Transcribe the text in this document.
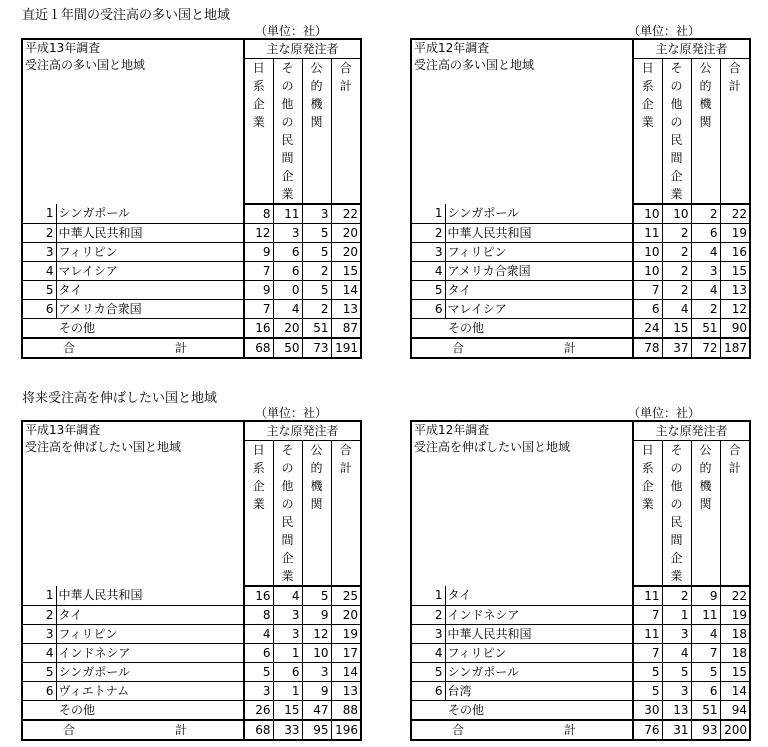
直近１年間の受注高の多い国と地域
将来受注高を伸ばしたい国と地域
（単位：社）
平成13年調査
受注高の多い国と地域		主な原発注者			
		日系企業	その他の民間企業	公的機関	合計
1	シンガポール	8	11	3	22
2	中華人民共和国	12	3	5	20
3	フィリピン	9	6	5	20
4	マレイシア	7	6	2	15
5	タイ	9	0	5	14
6	アメリカ合衆国	7	4	2	13
その他		16	20	51	87
合 計		68	50	73	191
（単位：社）
平成12年調査
受注高の多い国と地域		主な原発注者			
		日系企業	その他の民間企業	公的機関	合計
1	シンガポール	10	10	2	22
2	中華人民共和国	11	2	6	19
3	フィリピン	10	2	4	16
4	アメリカ合衆国	10	2	3	15
5	タイ	7	2	4	13
6	マレイシア	6	4	2	12
その他		24	15	51	90
合 計		78	37	72	187
（単位：社）
平成13年調査
受注高を伸ばしたい国と地域		主な原発注者			
		日系企業	その他の民間企業	公的機関	合計
1	中華人民共和国	16	4	5	25
2	タイ	8	3	9	20
3	フィリピン	4	3	12	19
4	インドネシア	6	1	10	17
5	シンガポール	5	6	3	14
6	ヴィエトナム	3	1	9	13
その他		26	15	47	88
合 計		68	33	95	196
（単位：社）
平成12年調査
受注高を伸ばしたい国と地域		主な原発注者			
		日系企業	その他の民間企業	公的機関	合計
1	タイ	11	2	9	22
2	インドネシア	7	1	11	19
3	中華人民共和国	11	3	4	18
4	フィリピン	7	4	7	18
5	シンガポール	5	5	5	15
6	台湾	5	3	6	14
その他		30	13	51	94
合 計		76	31	93	200
